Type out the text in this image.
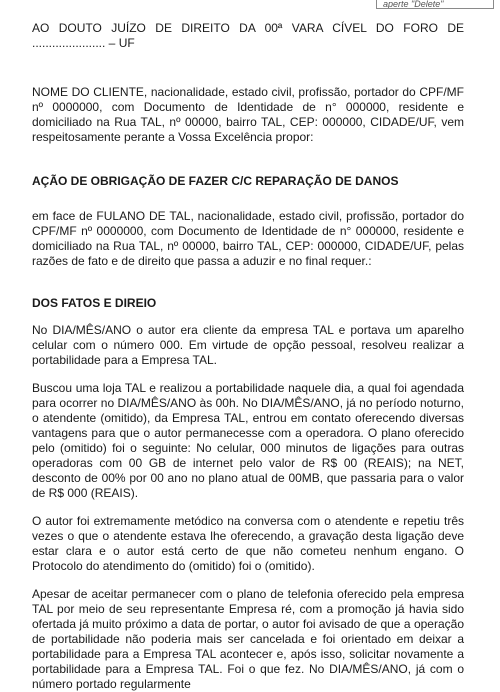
aperte "Delete"

AO DOUTO JUÍZO DE DIREITO DA 00ª VARA CÍVEL DO FORO DE ...................... – UF

NOME DO CLIENTE, nacionalidade, estado civil, profissão, portador do CPF/MF nº 0000000, com Documento de Identidade de n° 000000, residente e domiciliado na Rua TAL, nº 00000, bairro TAL, CEP: 000000, CIDADE/UF, vem respeitosamente perante a Vossa Excelência propor:

AÇÃO DE OBRIGAÇÃO DE FAZER C/C REPARAÇÃO DE DANOS

em face de FULANO DE TAL, nacionalidade, estado civil, profissão, portador do CPF/MF nº 0000000, com Documento de Identidade de n° 000000, residente e domiciliado na Rua TAL, nº 00000, bairro TAL, CEP: 000000, CIDADE/UF, pelas razões de fato e de direito que passa a aduzir e no final requer.:

DOS FATOS E DIREIO

No DIA/MÊS/ANO o autor era cliente da empresa TAL e portava um aparelho celular com o número 000. Em virtude de opção pessoal, resolveu realizar a portabilidade para a Empresa TAL.

Buscou uma loja TAL e realizou a portabilidade naquele dia, a qual foi agendada para ocorrer no DIA/MÊS/ANO às 00h. No DIA/MÊS/ANO, já no período noturno, o atendente (omitido), da Empresa TAL, entrou em contato oferecendo diversas vantagens para que o autor permanecesse com a operadora. O plano oferecido pelo (omitido) foi o seguinte: No celular, 000 minutos de ligações para outras operadoras com 00 GB de internet pelo valor de R$ 00 (REAIS); na NET, desconto de 00% por 00 ano no plano atual de 00MB, que passaria para o valor de R$ 000 (REAIS).

O autor foi extremamente metódico na conversa com o atendente e repetiu três vezes o que o atendente estava lhe oferecendo, a gravação desta ligação deve estar clara e o autor está certo de que não cometeu nenhum engano. O Protocolo do atendimento do (omitido) foi o (omitido).

Apesar de aceitar permanecer com o plano de telefonia oferecido pela empresa TAL por meio de seu representante Empresa ré, com a promoção já havia sido ofertada já muito próximo a data de portar, o autor foi avisado de que a operação de portabilidade não poderia mais ser cancelada e foi orientado em deixar a portabilidade para a Empresa TAL acontecer e, após isso, solicitar novamente a portabilidade para a Empresa TAL. Foi o que fez. No DIA/MÊS/ANO, já com o número portado regularmente
